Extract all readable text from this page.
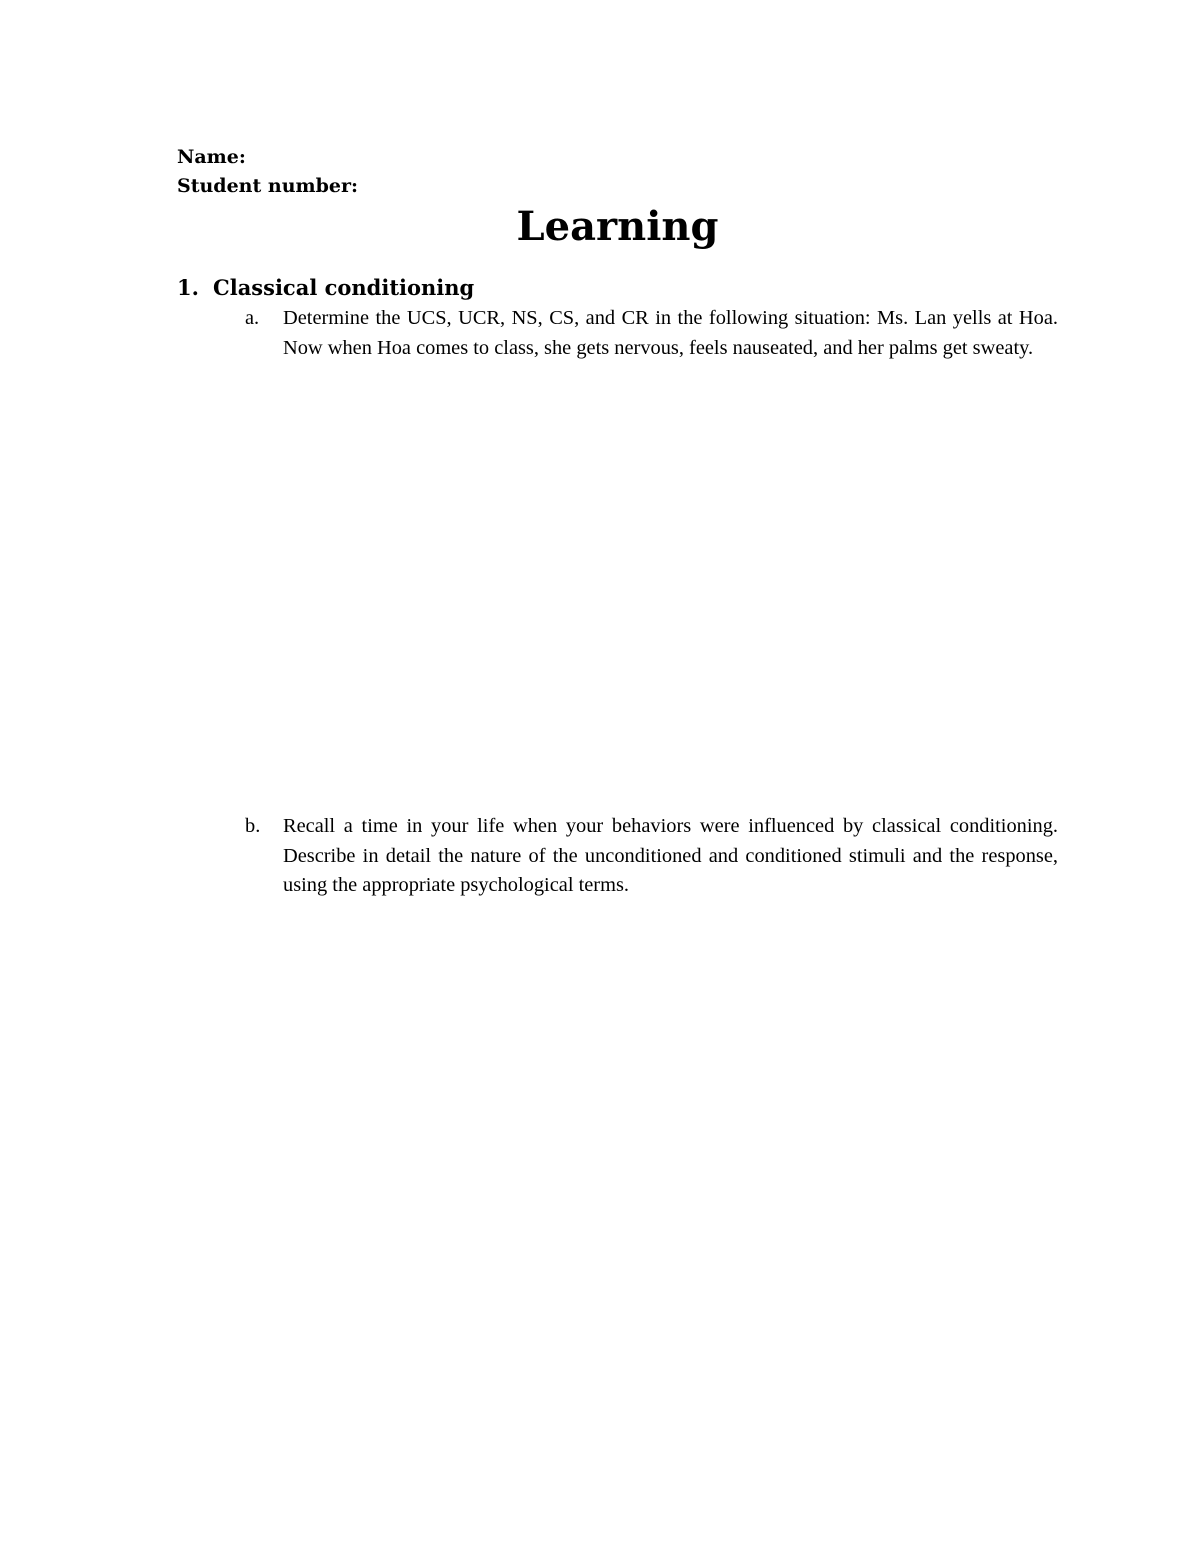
Name:
Student number:
Learning
1. Classical conditioning
a. Determine the UCS, UCR, NS, CS, and CR in the following situation: Ms. Lan yells at Hoa. Now when Hoa comes to class, she gets nervous, feels nauseated, and her palms get sweaty.
b. Recall a time in your life when your behaviors were influenced by classical conditioning. Describe in detail the nature of the unconditioned and conditioned stimuli and the response, using the appropriate psychological terms.
